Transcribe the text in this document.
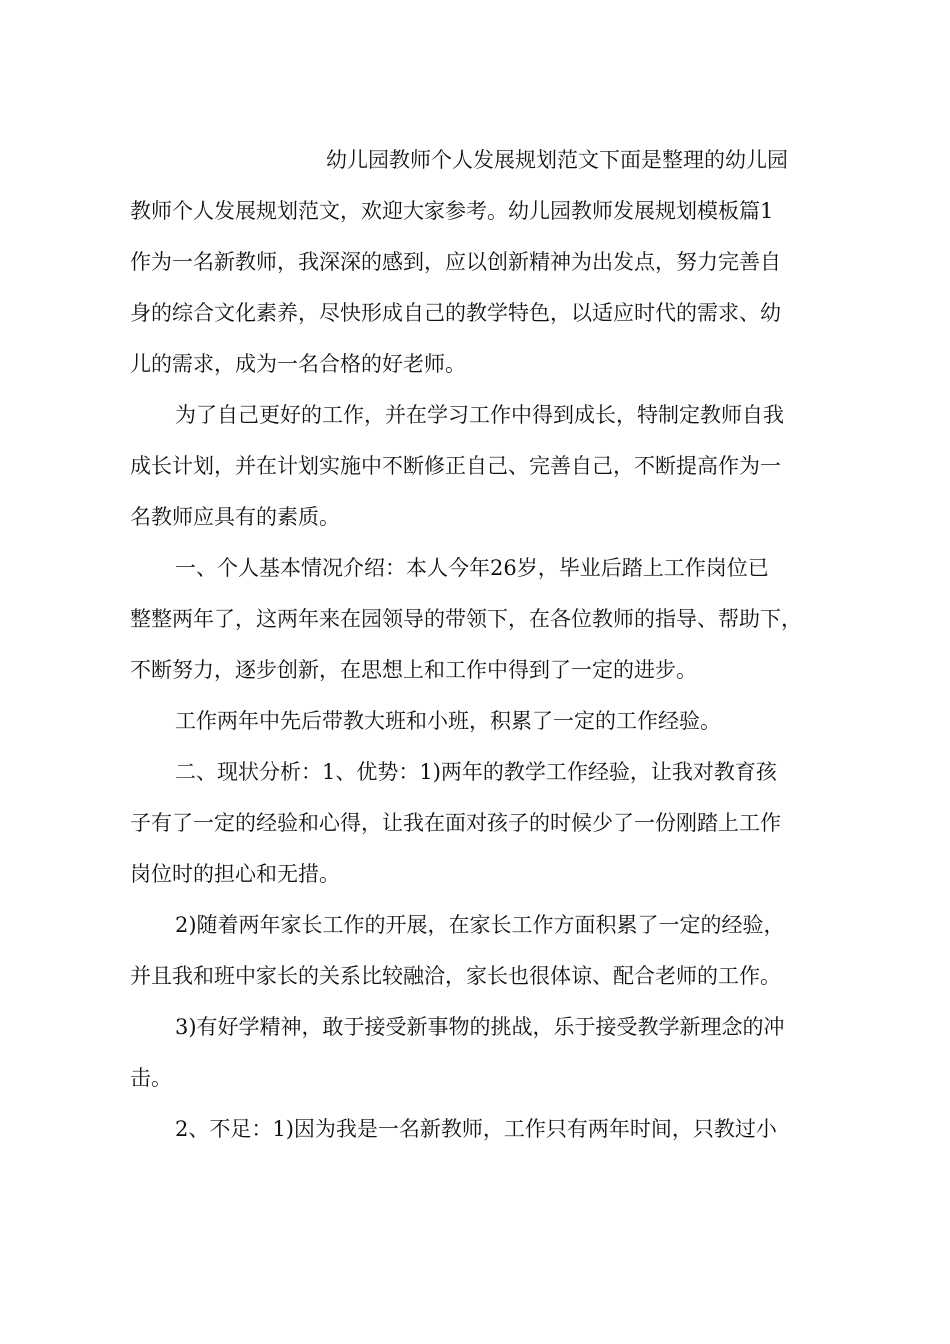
幼儿园教师个人发展规划范文下面是整理的幼儿园
教师个人发展规划范文，欢迎大家参考。幼儿园教师发展规划模板篇1
作为一名新教师，我深深的感到，应以创新精神为出发点，努力完善自
身的综合文化素养，尽快形成自己的教学特色，以适应时代的需求、幼
儿的需求，成为一名合格的好老师。
为了自己更好的工作，并在学习工作中得到成长，特制定教师自我
成长计划，并在计划实施中不断修正自己、完善自己，不断提高作为一
名教师应具有的素质。
一、个人基本情况介绍：本人今年26岁，毕业后踏上工作岗位已
整整两年了，这两年来在园领导的带领下，在各位教师的指导、帮助下，
不断努力，逐步创新，在思想上和工作中得到了一定的进步。
工作两年中先后带教大班和小班，积累了一定的工作经验。
二、现状分析：1、优势：1)两年的教学工作经验，让我对教育孩
子有了一定的经验和心得，让我在面对孩子的时候少了一份刚踏上工作
岗位时的担心和无措。
2)随着两年家长工作的开展，在家长工作方面积累了一定的经验，
并且我和班中家长的关系比较融洽，家长也很体谅、配合老师的工作。
3)有好学精神，敢于接受新事物的挑战，乐于接受教学新理念的冲
击。
2、不足：1)因为我是一名新教师，工作只有两年时间，只教过小
